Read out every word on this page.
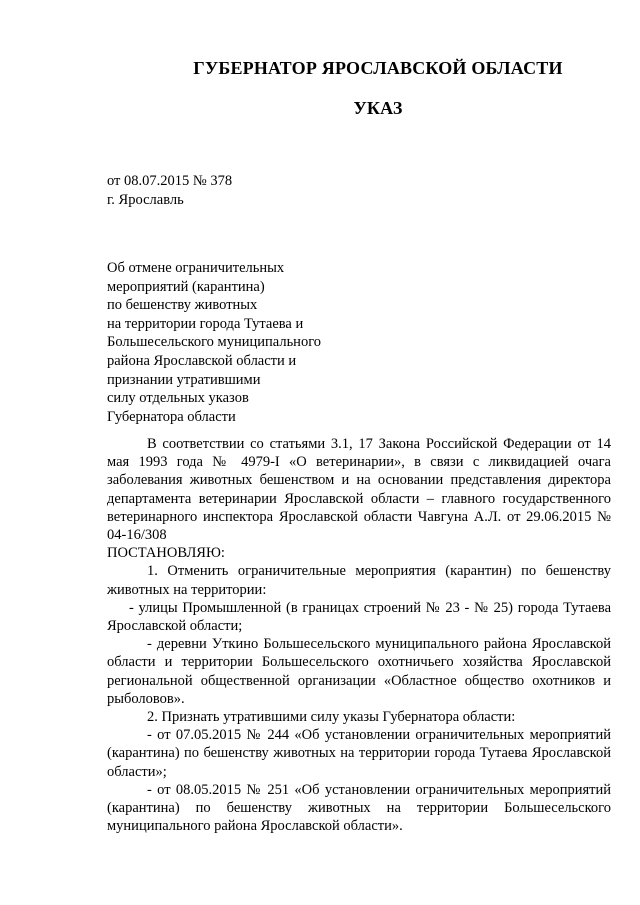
ГУБЕРНАТОР ЯРОСЛАВСКОЙ ОБЛАСТИ
УКАЗ
от 08.07.2015 № 378
г. Ярославль
Об отмене ограничительных
мероприятий (карантина)
по бешенству животных
на территории города Тутаева и
Большесельского муниципального
района Ярославской области и
признании утратившими
силу отдельных указов
Губернатора области

В соответствии со статьями 3.1, 17 Закона Российской Федерации от 14 мая 1993 года № 4979-I «О ветеринарии», в связи с ликвидацией очага заболевания животных бешенством и на основании представления директора департамента ветеринарии Ярославской области – главного государственного ветеринарного инспектора Ярославской области Чавгуна А.Л. от 29.06.2015 № 04-16/308

ПОСТАНОВЛЯЮ:

1. Отменить ограничительные мероприятия (карантин) по бешенству животных на территории:

- улицы Промышленной (в границах строений № 23 - № 25) города Тутаева Ярославской области;

- деревни Уткино Большесельского муниципального района Ярославской области и территории Большесельского охотничьего хозяйства Ярославской региональной общественной организации «Областное общество охотников и рыболовов».

2. Признать утратившими силу указы Губернатора области:

- от 07.05.2015 № 244 «Об установлении ограничительных мероприятий (карантина) по бешенству животных на территории города Тутаева Ярославской области»;

- от 08.05.2015 № 251 «Об установлении ограничительных мероприятий (карантина) по бешенству животных на территории Большесельского муниципального района Ярославской области».
